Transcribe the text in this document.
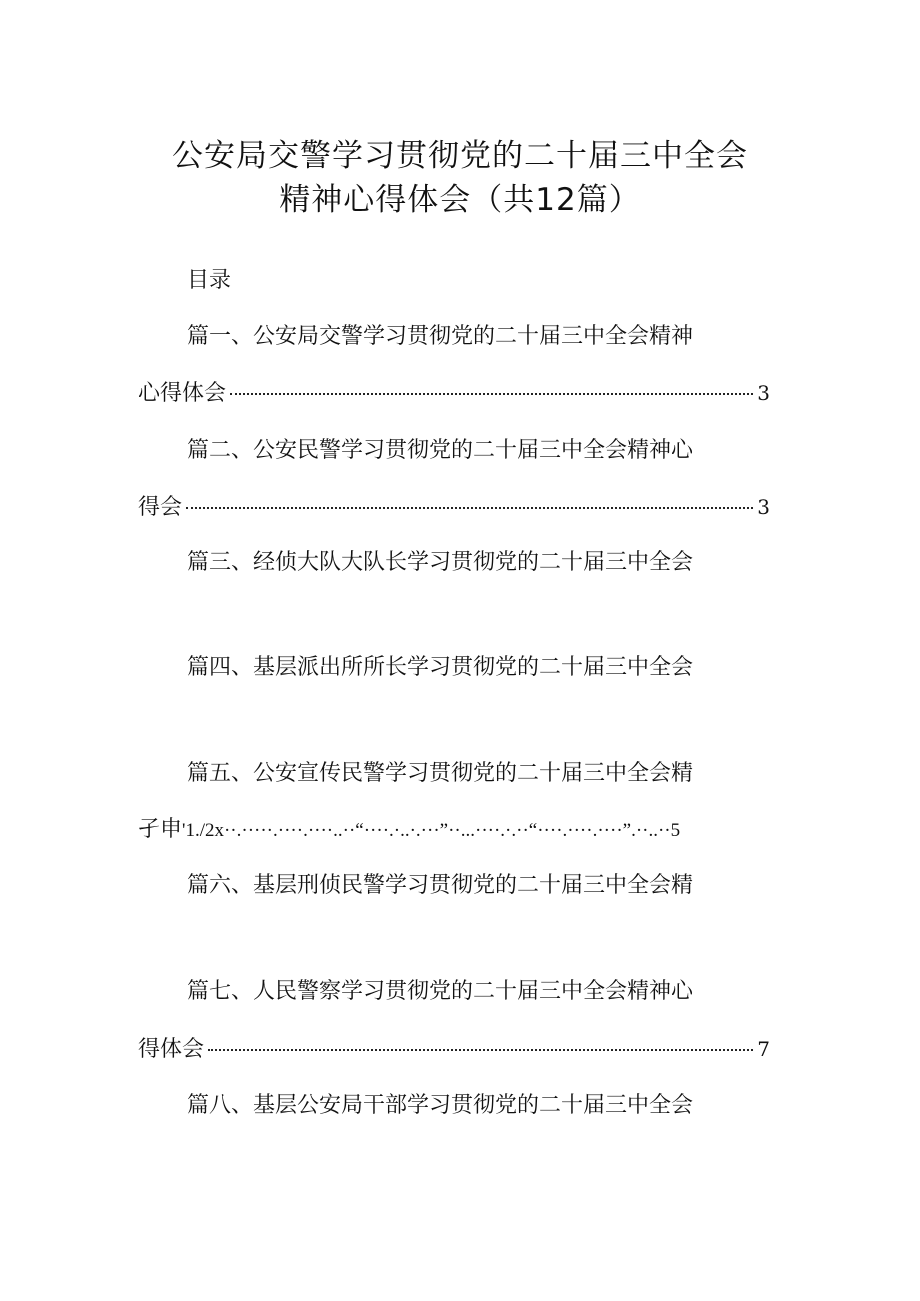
公安局交警学习贯彻党的二十届三中全会
精神心得体会（共12篇）
目录
篇一、公安局交警学习贯彻党的二十届三中全会精神
心得体会	3
篇二、公安民警学习贯彻党的二十届三中全会精神心
得会	3
篇三、经侦大队大队长学习贯彻党的二十届三中全会
篇四、基层派出所所长学习贯彻党的二十届三中全会
篇五、公安宣传民警学习贯彻党的二十届三中全会精
孑申'1./2x··.·····.····.····..··“····.·..·.···”··...····.·.··“····.····.····”.··..··5
篇六、基层刑侦民警学习贯彻党的二十届三中全会精
篇七、人民警察学习贯彻党的二十届三中全会精神心
得体会	7
篇八、基层公安局干部学习贯彻党的二十届三中全会
